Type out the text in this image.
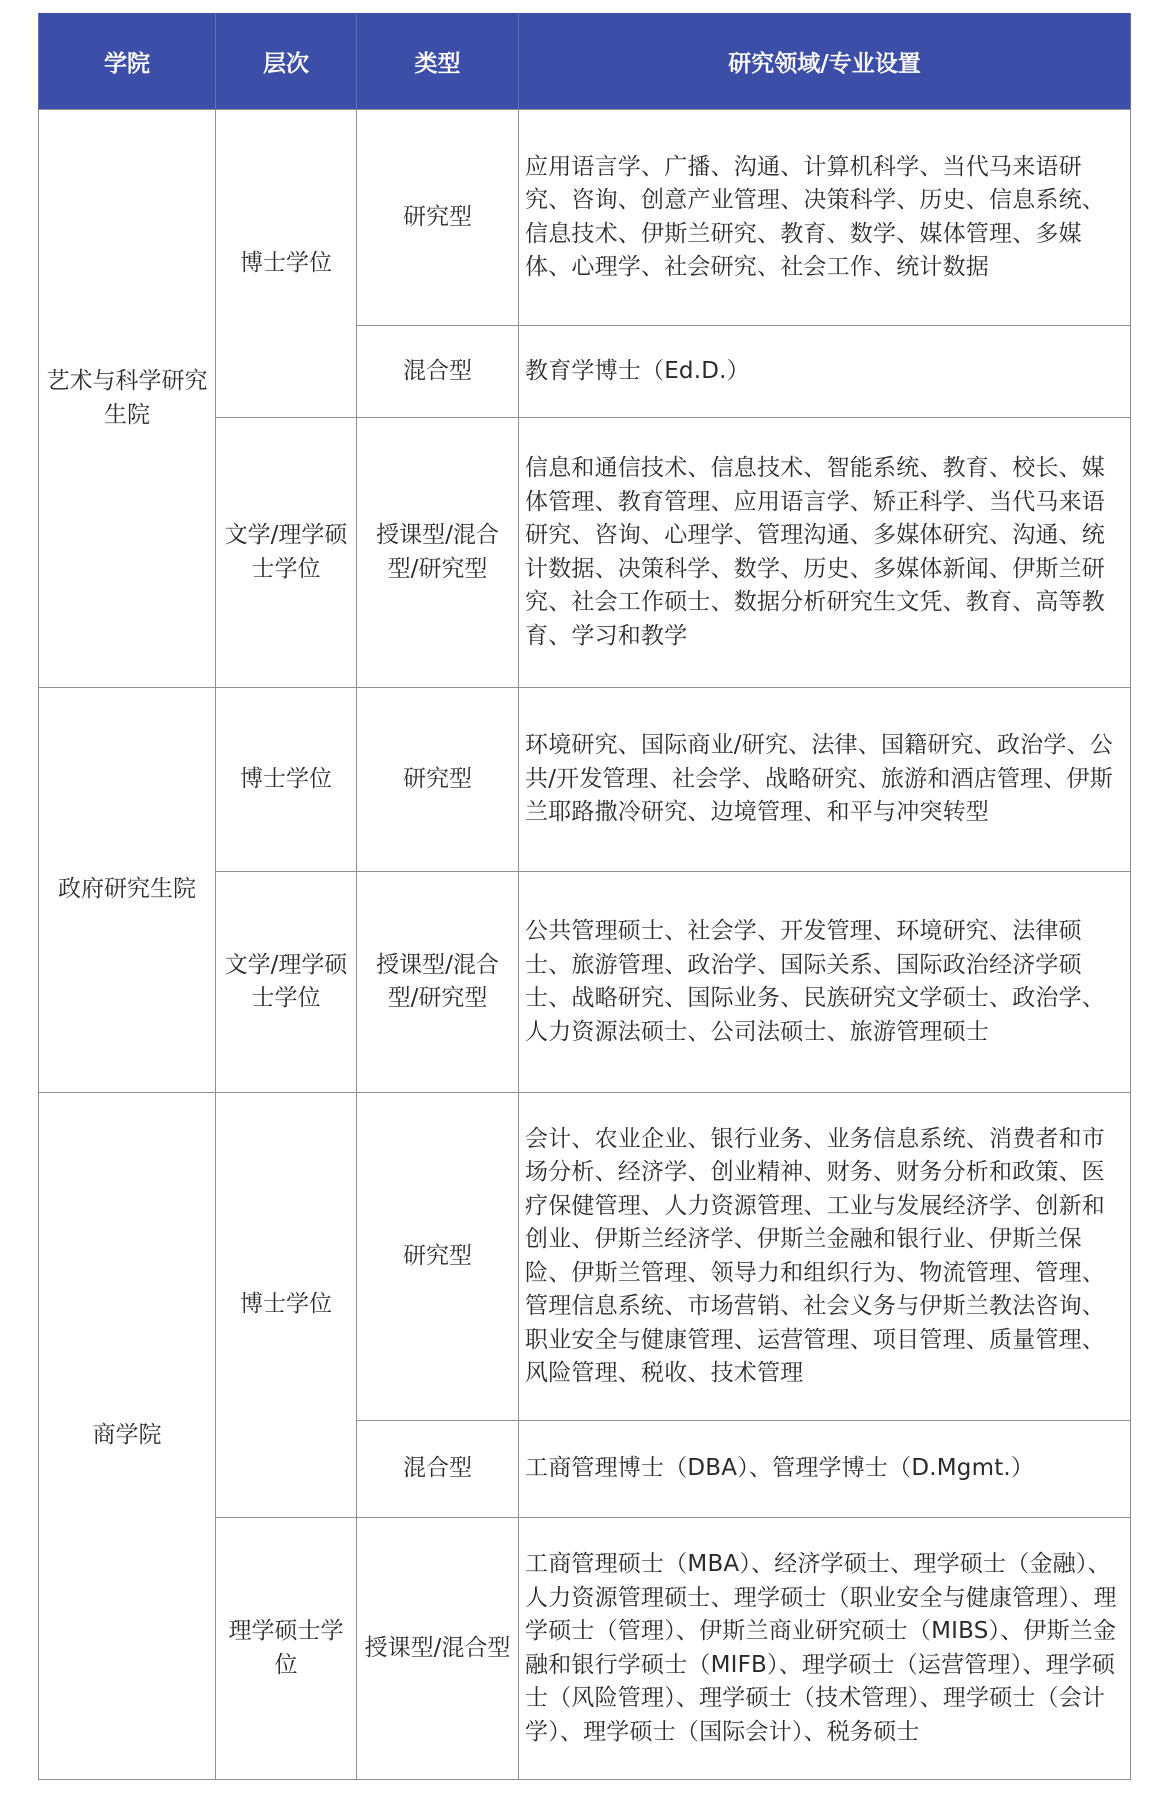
学院	层次	类型	研究领域/专业设置
艺术与科学研究生院	博士学位	研究型	应用语言学、广播、沟通、计算机科学、当代马来语研究、咨询、创意产业管理、决策科学、历史、信息系统、信息技术、伊斯兰研究、教育、数学、媒体管理、多媒体、心理学、社会研究、社会工作、统计数据
		混合型	教育学博士（Ed.D.）
	文学/理学硕士学位	授课型/混合型/研究型	信息和通信技术、信息技术、智能系统、教育、校长、媒体管理、教育管理、应用语言学、矫正科学、当代马来语研究、咨询、心理学、管理沟通、多媒体研究、沟通、统计数据、决策科学、数学、历史、多媒体新闻、伊斯兰研究、社会工作硕士、数据分析研究生文凭、教育、高等教育、学习和教学
政府研究生院	博士学位	研究型	环境研究、国际商业/研究、法律、国籍研究、政治学、公共/开发管理、社会学、战略研究、旅游和酒店管理、伊斯兰耶路撒冷研究、边境管理、和平与冲突转型
	文学/理学硕士学位	授课型/混合型/研究型	公共管理硕士、社会学、开发管理、环境研究、法律硕士、旅游管理、政治学、国际关系、国际政治经济学硕士、战略研究、国际业务、民族研究文学硕士、政治学、人力资源法硕士、公司法硕士、旅游管理硕士
商学院	博士学位	研究型	会计、农业企业、银行业务、业务信息系统、消费者和市场分析、经济学、创业精神、财务、财务分析和政策、医疗保健管理、人力资源管理、工业与发展经济学、创新和创业、伊斯兰经济学、伊斯兰金融和银行业、伊斯兰保险、伊斯兰管理、领导力和组织行为、物流管理、管理、管理信息系统、市场营销、社会义务与伊斯兰教法咨询、职业安全与健康管理、运营管理、项目管理、质量管理、风险管理、税收、技术管理
		混合型	工商管理博士（DBA）、管理学博士（D.Mgmt.）
	理学硕士学位	授课型/混合型	工商管理硕士（MBA）、经济学硕士、理学硕士（金融）、人力资源管理硕士、理学硕士（职业安全与健康管理）、理学硕士（管理）、伊斯兰商业研究硕士（MIBS）、伊斯兰金融和银行学硕士（MIFB）、理学硕士（运营管理）、理学硕士（风险管理）、理学硕士（技术管理）、理学硕士（会计学）、理学硕士（国际会计）、税务硕士
